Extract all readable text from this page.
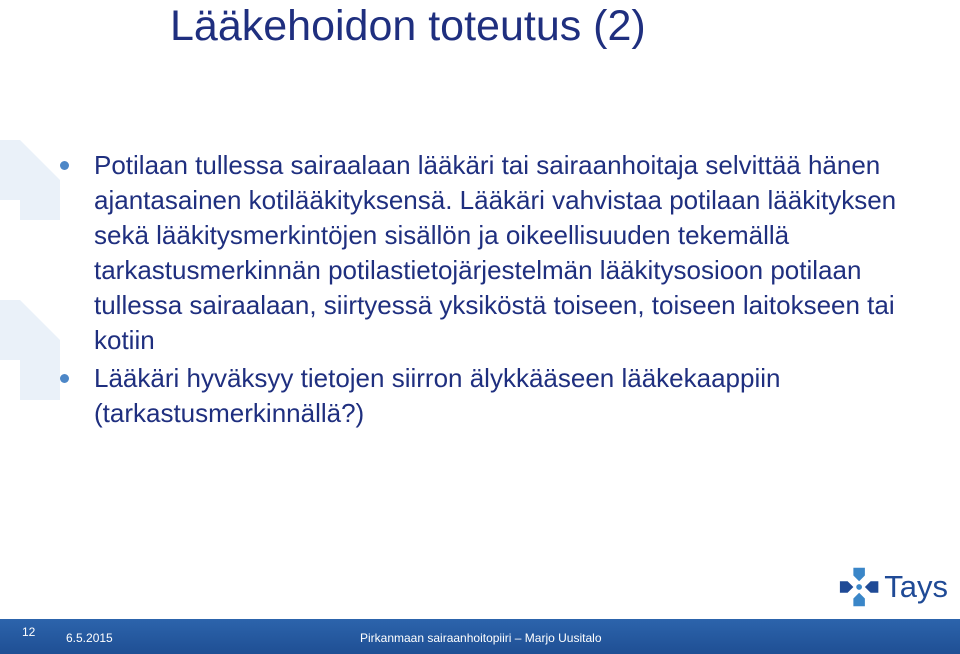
Lääkehoidon toteutus (2)
Potilaan tullessa sairaalaan lääkäri tai sairaanhoitaja selvittää hänen ajantasainen kotilääkityksensä. Lääkäri vahvistaa potilaan lääkityksen sekä lääkitysmerkintöjen sisällön ja oikeellisuuden tekemällä tarkastusmerkinnän potilastietojärjestelmän lääkitysosioon potilaan tullessa sairaalaan, siirtyessä yksiköstä toiseen, toiseen laitokseen tai kotiin
Lääkäri hyväksyy tietojen siirron älykkääseen lääkekaappiin (tarkastusmerkinnällä?)
Tays
12	6.5.2015	Pirkanmaan sairaanhoitopiiri – Marjo Uusitalo
